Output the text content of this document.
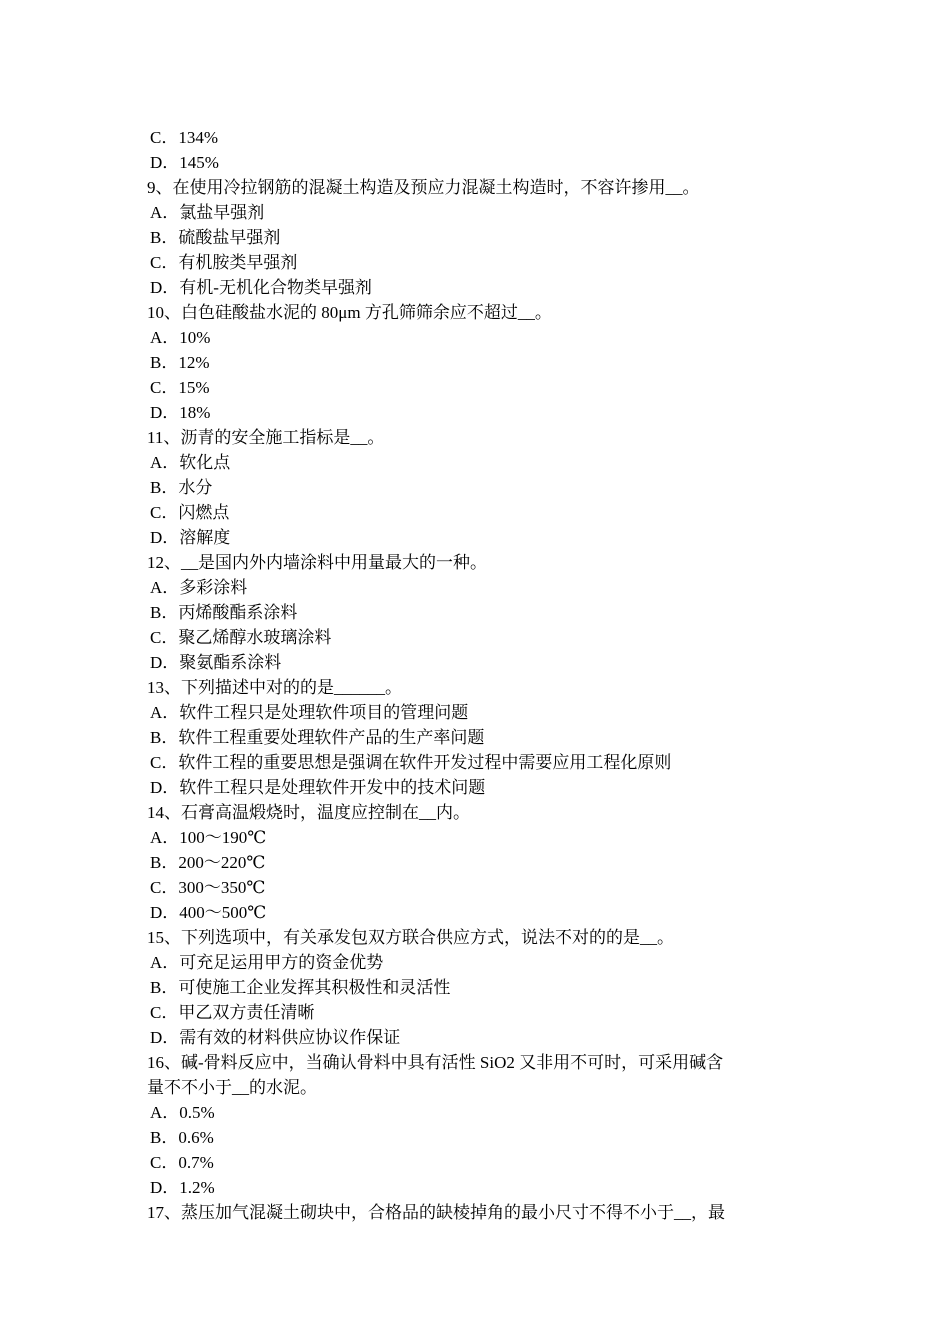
C．134%
D．145%
9、在使用冷拉钢筋的混凝土构造及预应力混凝土构造时，不容许掺用__。
A．氯盐早强剂
B．硫酸盐早强剂
C．有机胺类早强剂
D．有机-无机化合物类早强剂
10、白色硅酸盐水泥的 80μm 方孔筛筛余应不超过__。
A．10%
B．12%
C．15%
D．18%
11、沥青的安全施工指标是__。
A．软化点
B．水分
C．闪燃点
D．溶解度
12、__是国内外内墙涂料中用量最大的一种。
A．多彩涂料
B．丙烯酸酯系涂料
C．聚乙烯醇水玻璃涂料
D．聚氨酯系涂料
13、下列描述中对的的是______。
A．软件工程只是处理软件项目的管理问题
B．软件工程重要处理软件产品的生产率问题
C．软件工程的重要思想是强调在软件开发过程中需要应用工程化原则
D．软件工程只是处理软件开发中的技术问题
14、石膏高温煅烧时，温度应控制在__内。
A．100～190℃
B．200～220℃
C．300～350℃
D．400～500℃
15、下列选项中，有关承发包双方联合供应方式，说法不对的的是__。
A．可充足运用甲方的资金优势
B．可使施工企业发挥其积极性和灵活性
C．甲乙双方责任清晰
D．需有效的材料供应协议作保证
16、碱-骨料反应中，当确认骨料中具有活性 SiO2 又非用不可时，可采用碱含
量不不小于__的水泥。
A．0.5%
B．0.6%
C．0.7%
D．1.2%
17、蒸压加气混凝土砌块中，合格品的缺棱掉角的最小尺寸不得不小于__，最
